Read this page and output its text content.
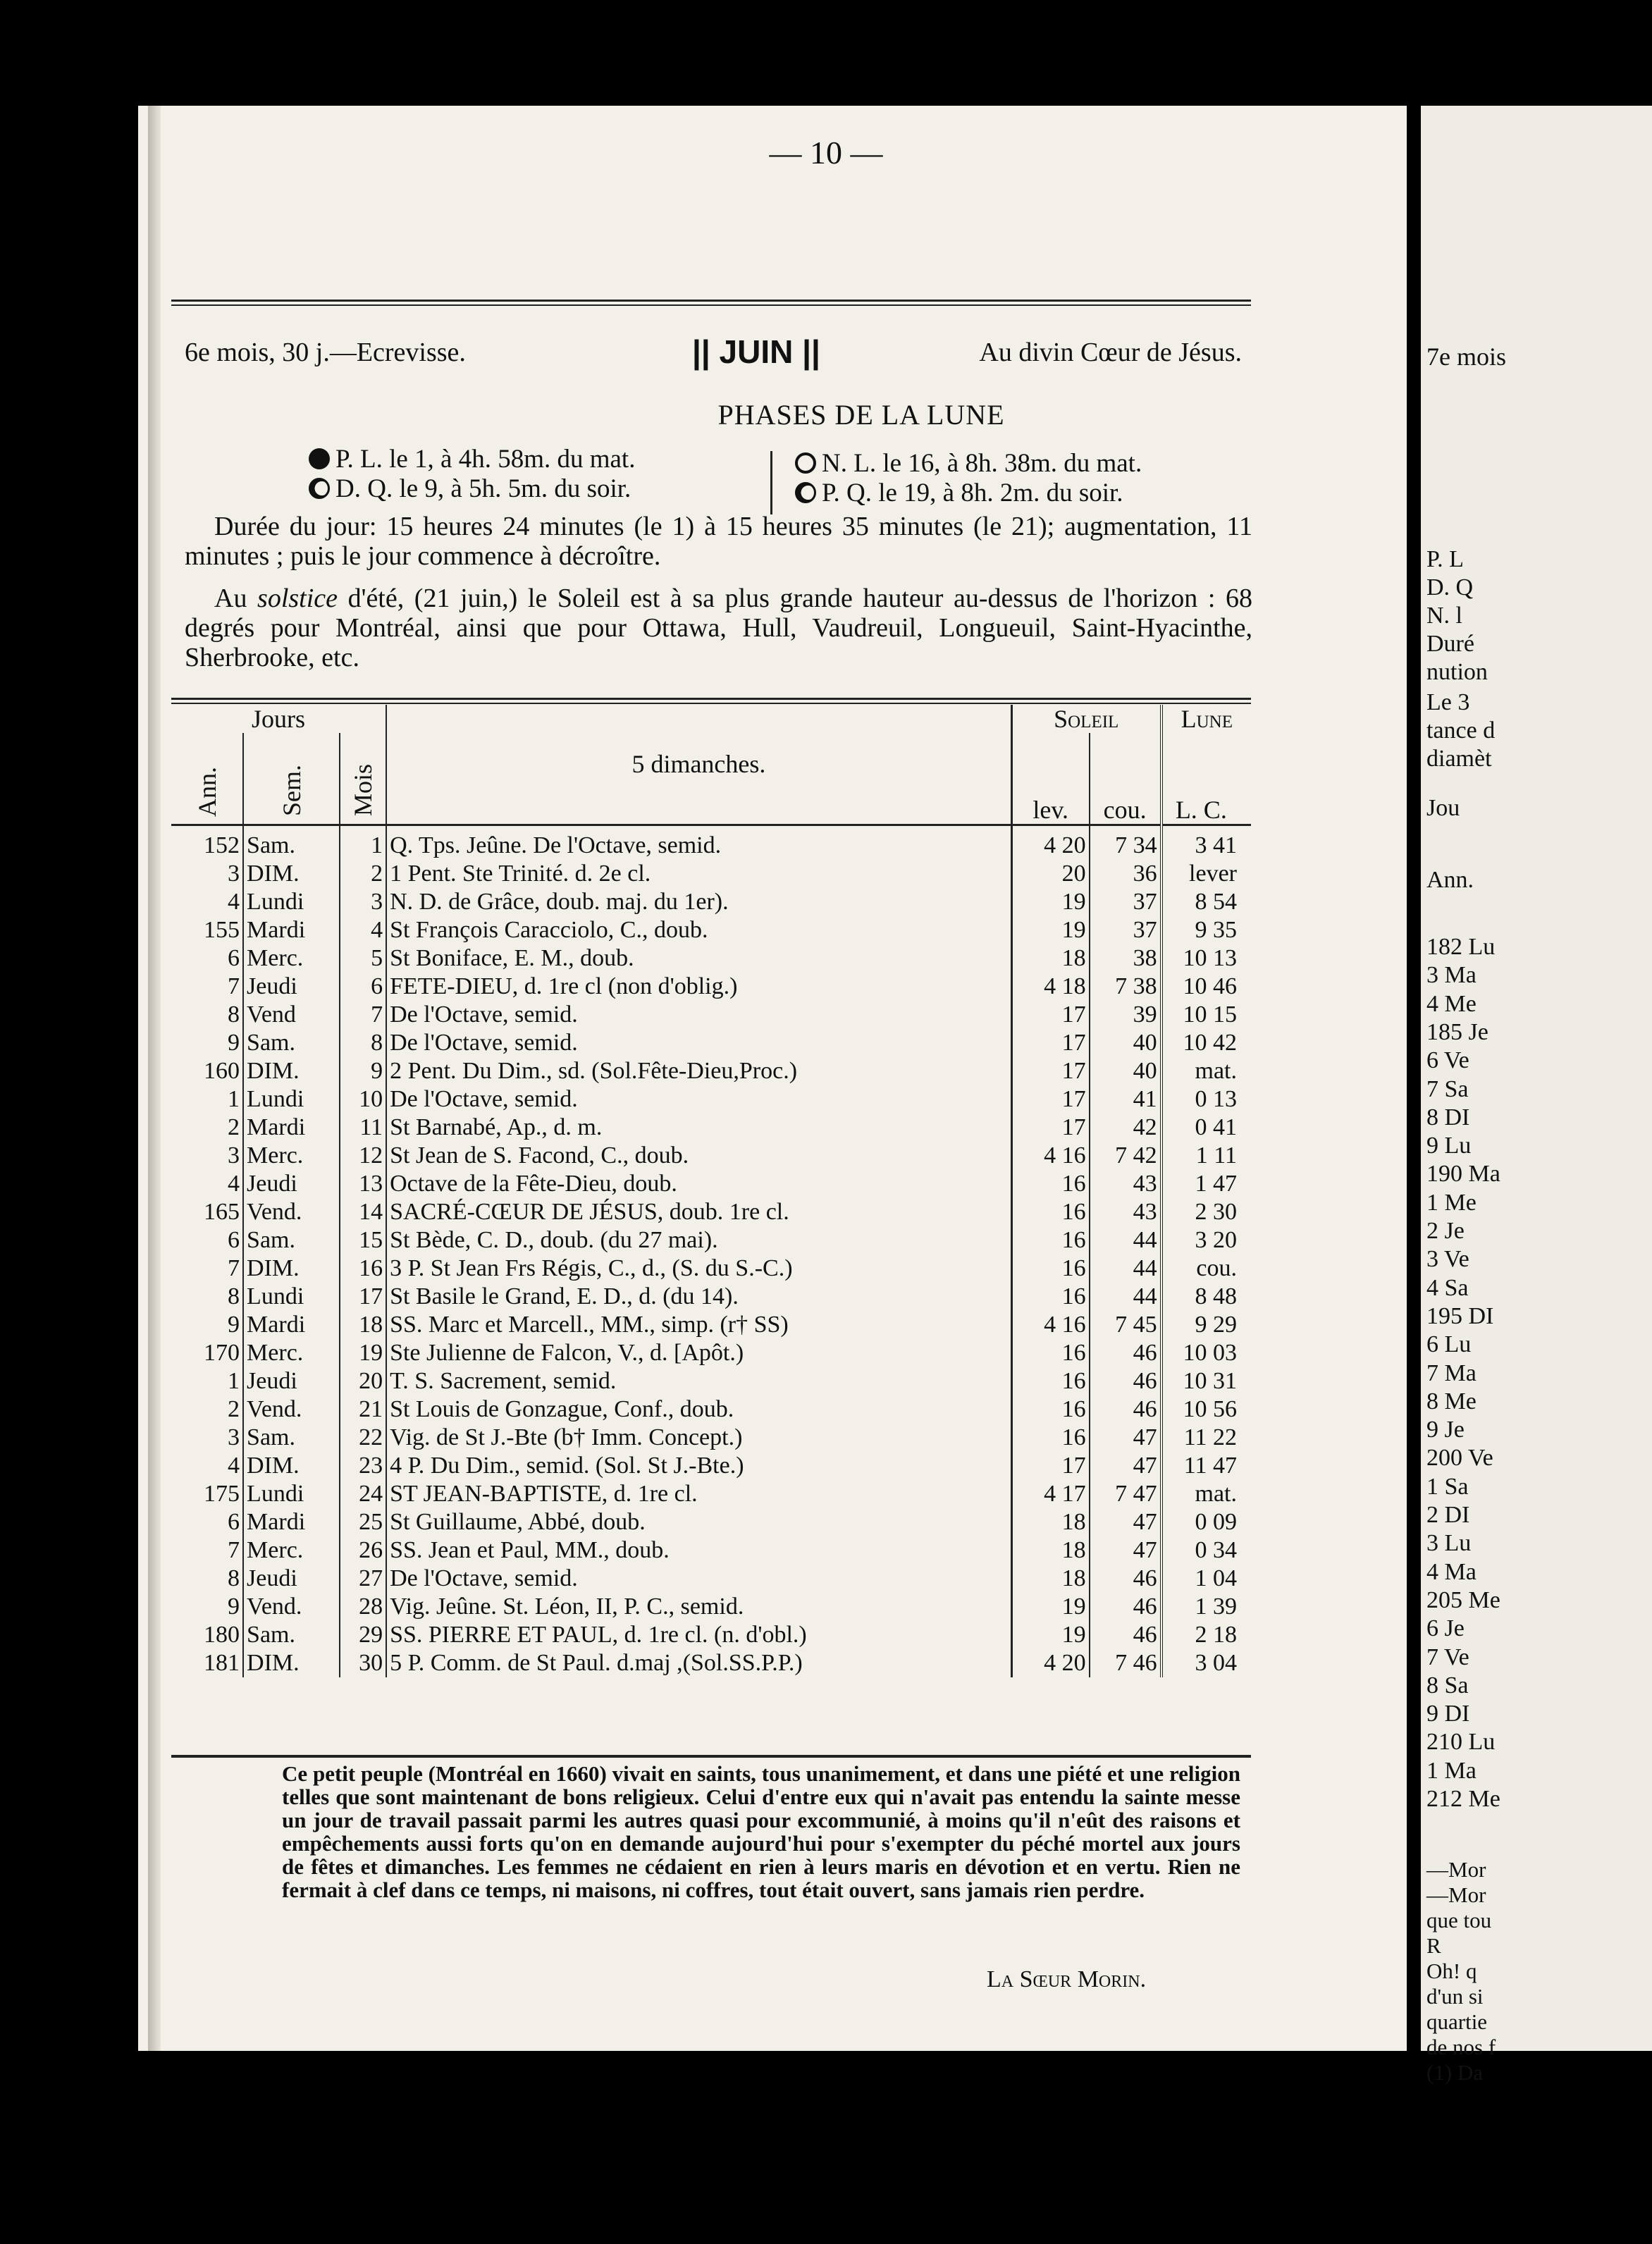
— 10 —
6e mois, 30 j.—Ecrevisse.	|| JUIN ||	Au divin Cœur de Jésus.
PHASES DE LA LUNE
P. L. le 1, à 4h. 58m. du mat.
D. Q. le 9, à 5h. 5m. du soir.
N. L. le 16, à 8h. 38m. du mat.
P. Q. le 19, à 8h. 2m. du soir.
Durée du jour: 15 heures 24 minutes (le 1) à 15 heures 35 minutes (le 21); augmentation, 11 minutes ; puis le jour commence à décroître.
Au solstice d'été, (21 juin,) le Soleil est à sa plus grande hauteur au-dessus de l'horizon : 68 degrés pour Montréal, ainsi que pour Ottawa, Hull, Vaudreuil, Longueuil, Saint-Hyacinthe, Sherbrooke, etc.
Jours			5 dimanches.	Soleil		Lune
Ann.	Sem.	Mois		lev.	cou.	L. C.
152	Sam.	1	Q. Tps. Jeûne. De l'Octave, semid.	4 20	7 34	3 41
3	DIM.	2	1 Pent. Ste Trinité. d. 2e cl.	20	36	lever
4	Lundi	3	N. D. de Grâce, doub. maj. du 1er).	19	37	8 54
155	Mardi	4	St François Caracciolo, C., doub.	19	37	9 35
6	Merc.	5	St Boniface, E. M., doub.	18	38	10 13
7	Jeudi	6	FETE-DIEU, d. 1re cl (non d'oblig.)	4 18	7 38	10 46
8	Vend	7	De l'Octave, semid.	17	39	10 15
9	Sam.	8	De l'Octave, semid.	17	40	10 42
160	DIM.	9	2 Pent. Du Dim., sd. (Sol.Fête-Dieu,Proc.)	17	40	mat.
1	Lundi	10	De l'Octave, semid.	17	41	0 13
2	Mardi	11	St Barnabé, Ap., d. m.	17	42	0 41
3	Merc.	12	St Jean de S. Facond, C., doub.	4 16	7 42	1 11
4	Jeudi	13	Octave de la Fête-Dieu, doub.	16	43	1 47
165	Vend.	14	SACRÉ-CŒUR DE JÉSUS, doub. 1re cl.	16	43	2 30
6	Sam.	15	St Bède, C. D., doub. (du 27 mai).	16	44	3 20
7	DIM.	16	3 P. St Jean Frs Régis, C., d., (S. du S.-C.)	16	44	cou.
8	Lundi	17	St Basile le Grand, E. D., d. (du 14).	16	44	8 48
9	Mardi	18	SS. Marc et Marcell., MM., simp. (r† SS)	4 16	7 45	9 29
170	Merc.	19	Ste Julienne de Falcon, V., d. [Apôt.)	16	46	10 03
1	Jeudi	20	T. S. Sacrement, semid.	16	46	10 31
2	Vend.	21	St Louis de Gonzague, Conf., doub.	16	46	10 56
3	Sam.	22	Vig. de St J.-Bte (b† Imm. Concept.)	16	47	11 22
4	DIM.	23	4 P. Du Dim., semid. (Sol. St J.-Bte.)	17	47	11 47
175	Lundi	24	ST JEAN-BAPTISTE, d. 1re cl.	4 17	7 47	mat.
6	Mardi	25	St Guillaume, Abbé, doub.	18	47	0 09
7	Merc.	26	SS. Jean et Paul, MM., doub.	18	47	0 34
8	Jeudi	27	De l'Octave, semid.	18	46	1 04
9	Vend.	28	Vig. Jeûne. St. Léon, II, P. C., semid.	19	46	1 39
180	Sam.	29	SS. PIERRE ET PAUL, d. 1re cl. (n. d'obl.)	19	46	2 18
181	DIM.	30	5 P. Comm. de St Paul. d.maj ,(Sol.SS.P.P.)	4 20	7 46	3 04
Ce petit peuple (Montréal en 1660) vivait en saints, tous unanimement, et dans une piété et une religion telles que sont maintenant de bons religieux. Celui d'entre eux qui n'avait pas entendu la sainte messe un jour de travail passait parmi les autres quasi pour excommunié, à moins qu'il n'eût des raisons et empêchements aussi forts qu'on en demande aujourd'hui pour s'exempter du péché mortel aux jours de fêtes et dimanches. Les femmes ne cédaient en rien à leurs maris en dévotion et en vertu. Rien ne fermait à clef dans ce temps, ni maisons, ni coffres, tout était ouvert, sans jamais rien perdre.
La Sœur Morin.
7e mois
P. L
D. Q
N. l
Duré
nution
Le 3
tance d
diamèt
Jou
Ann.
182 Lu
3 Ma
4 Me
185 Je
6 Ve
7 Sa
8 DI
9 Lu
190 Ma
1 Me
2 Je
3 Ve
4 Sa
195 DI
6 Lu
7 Ma
8 Me
9 Je
200 Ve
1 Sa
2 DI
3 Lu
4 Ma
205 Me
6 Je
7 Ve
8 Sa
9 DI
210 Lu
1 Ma
212 Me
—Mor
—Mor
que tou
R
Oh! q
d'un si
quartie
de nos f
(1) Da
